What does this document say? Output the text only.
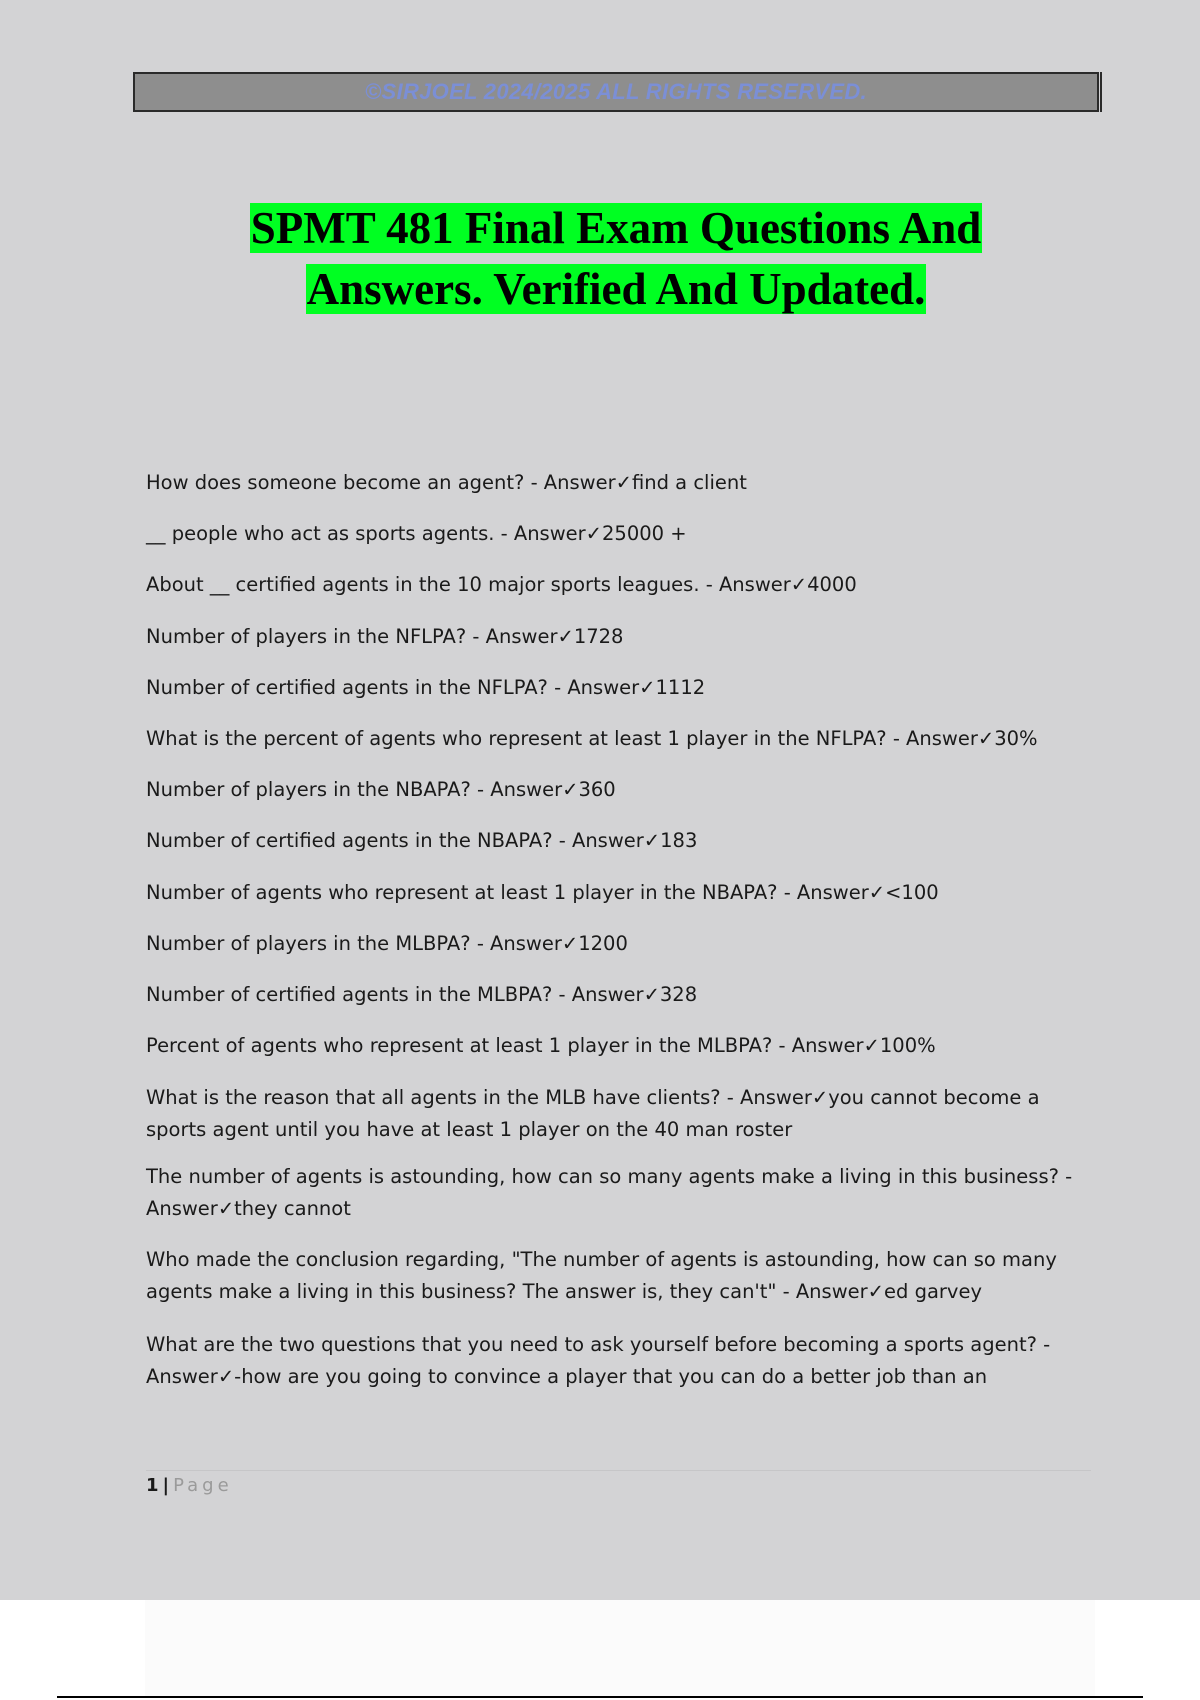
©SIRJOEL 2024/2025 ALL RIGHTS RESERVED.
SPMT 481 Final Exam Questions And
Answers. Verified And Updated.
How does someone become an agent? - Answer✓find a client
__ people who act as sports agents. - Answer✓25000 +
About __ certified agents in the 10 major sports leagues. - Answer✓4000
Number of players in the NFLPA? - Answer✓1728
Number of certified agents in the NFLPA? - Answer✓1112
What is the percent of agents who represent at least 1 player in the NFLPA? - Answer✓30%
Number of players in the NBAPA? - Answer✓360
Number of certified agents in the NBAPA? - Answer✓183
Number of agents who represent at least 1 player in the NBAPA? - Answer✓<100
Number of players in the MLBPA? - Answer✓1200
Number of certified agents in the MLBPA? - Answer✓328
Percent of agents who represent at least 1 player in the MLBPA? - Answer✓100%
What is the reason that all agents in the MLB have clients? - Answer✓you cannot become a sports agent until you have at least 1 player on the 40 man roster
The number of agents is astounding, how can so many agents make a living in this business? - Answer✓they cannot
Who made the conclusion regarding, "The number of agents is astounding, how can so many agents make a living in this business? The answer is, they can't" - Answer✓ed garvey
What are the two questions that you need to ask yourself before becoming a sports agent? - Answer✓-how are you going to convince a player that you can do a better job than an
1 | Page
